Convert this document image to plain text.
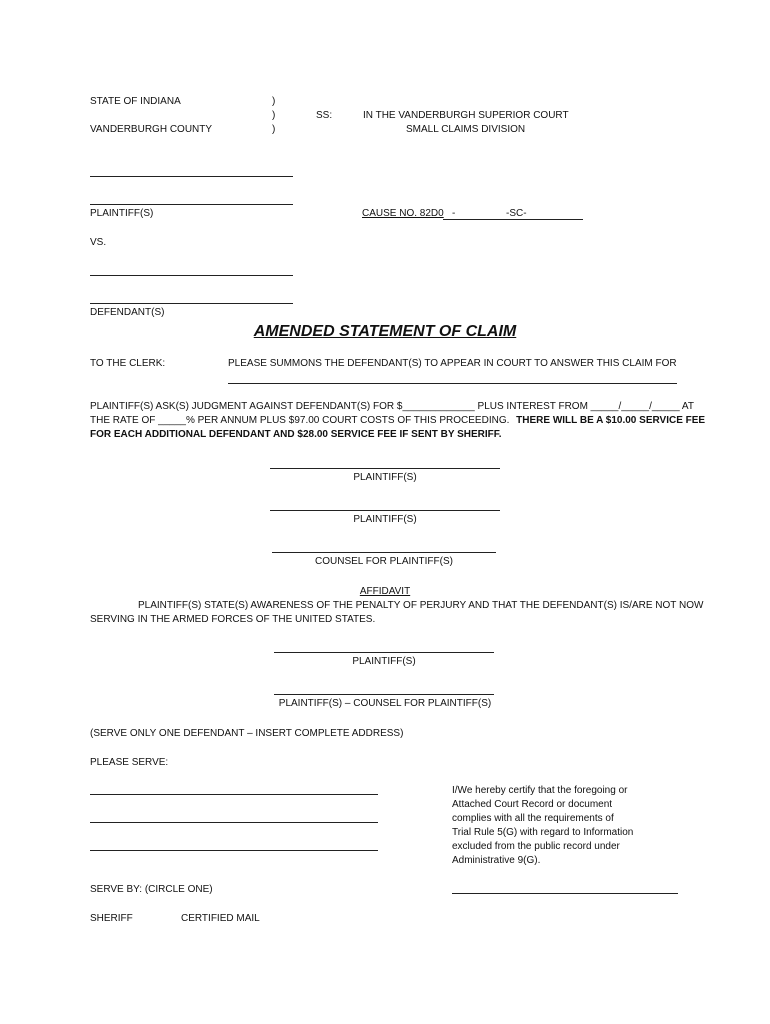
STATE OF INDIANA
VANDERBURGH COUNTY
)
)
)
SS:	IN THE VANDERBURGH SUPERIOR COURT
SMALL CLAIMS DIVISION
PLAINTIFF(S)	CAUSE NO. 82D0 -	-SC-
VS.
DEFENDANT(S)
AMENDED STATEMENT OF CLAIM
TO THE CLERK:	PLEASE SUMMONS THE DEFENDANT(S) TO APPEAR IN COURT TO ANSWER THIS CLAIM FOR
PLAINTIFF(S) ASK(S) JUDGMENT AGAINST DEFENDANT(S) FOR $_____________ PLUS INTEREST FROM _____/_____/_____ AT
THE RATE OF _____% PER ANNUM PLUS $97.00 COURT COSTS OF THIS PROCEEDING. THERE WILL BE A $10.00 SERVICE FEE
FOR EACH ADDITIONAL DEFENDANT AND $28.00 SERVICE FEE IF SENT BY SHERIFF.
PLAINTIFF(S)
PLAINTIFF(S)
COUNSEL FOR PLAINTIFF(S)
AFFIDAVIT
PLAINTIFF(S) STATE(S) AWARENESS OF THE PENALTY OF PERJURY AND THAT THE DEFENDANT(S) IS/ARE NOT NOW
SERVING IN THE ARMED FORCES OF THE UNITED STATES.
PLAINTIFF(S)
PLAINTIFF(S) – COUNSEL FOR PLAINTIFF(S)
(SERVE ONLY ONE DEFENDANT – INSERT COMPLETE ADDRESS)
PLEASE SERVE:
I/We hereby certify that the foregoing or
Attached Court Record or document
complies with all the requirements of
Trial Rule 5(G) with regard to Information
excluded from the public record under
Administrative 9(G).
SERVE BY: (CIRCLE ONE)
SHERIFF	CERTIFIED MAIL
